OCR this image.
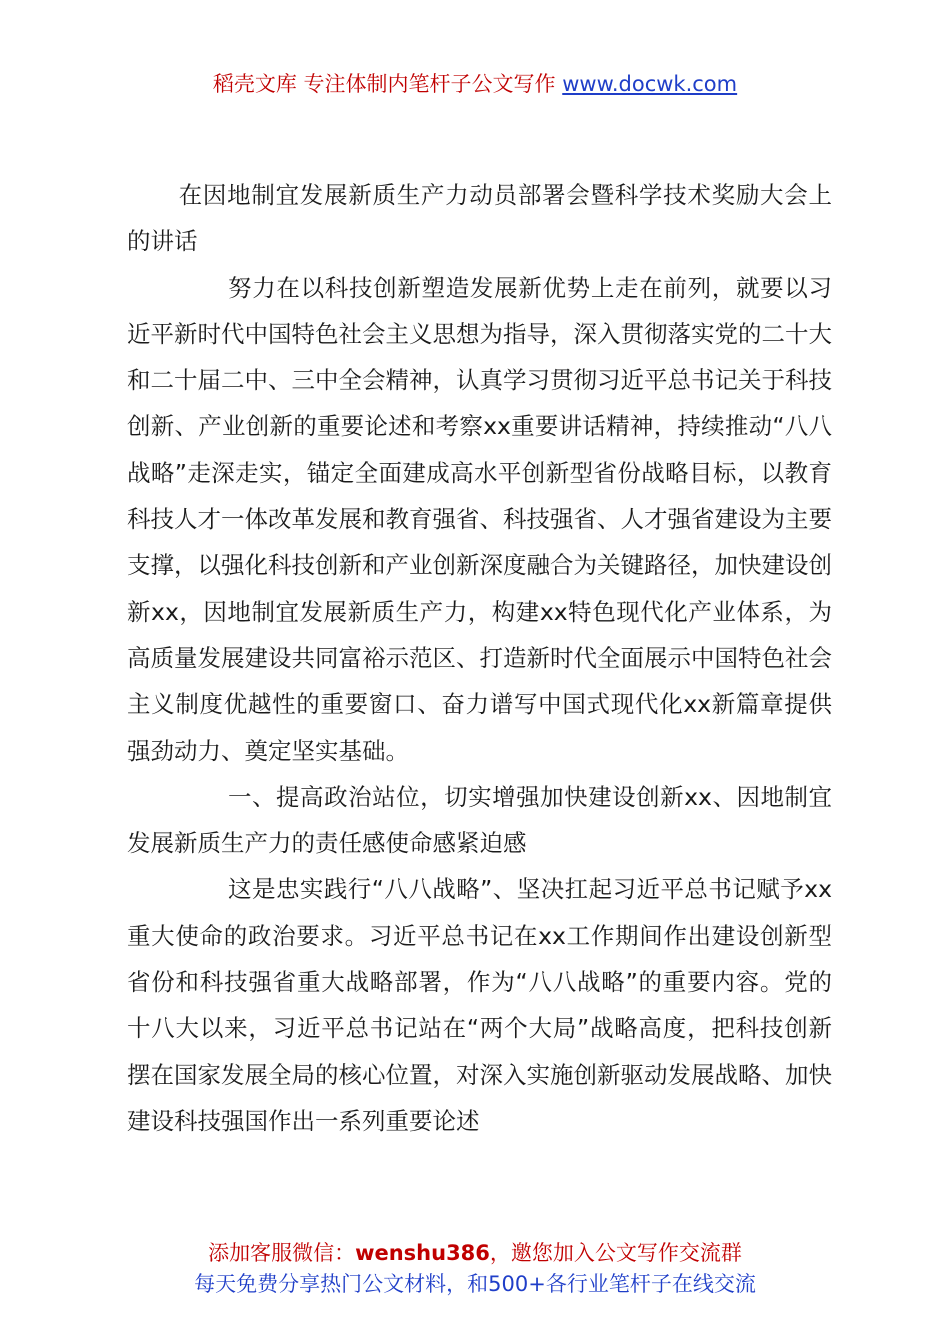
稻壳文库 专注体制内笔杆子公文写作 www.docwk.com

在因地制宜发展新质生产力动员部署会暨科学技术奖励大会上的讲话

努力在以科技创新塑造发展新优势上走在前列，就要以习近平新时代中国特色社会主义思想为指导，深入贯彻落实党的二十大和二十届二中、三中全会精神，认真学习贯彻习近平总书记关于科技创新、产业创新的重要论述和考察xx重要讲话精神，持续推动“八八战略”走深走实，锚定全面建成高水平创新型省份战略目标，以教育科技人才一体改革发展和教育强省、科技强省、人才强省建设为主要支撑，以强化科技创新和产业创新深度融合为关键路径，加快建设创新xx，因地制宜发展新质生产力，构建xx特色现代化产业体系，为高质量发展建设共同富裕示范区、打造新时代全面展示中国特色社会主义制度优越性的重要窗口、奋力谱写中国式现代化xx新篇章提供强劲动力、奠定坚实基础。

一、提高政治站位，切实增强加快建设创新xx、因地制宜发展新质生产力的责任感使命感紧迫感

这是忠实践行“八八战略”、坚决扛起习近平总书记赋予xx重大使命的政治要求。习近平总书记在xx工作期间作出建设创新型省份和科技强省重大战略部署，作为“八八战略”的重要内容。党的十八大以来，习近平总书记站在“两个大局”战略高度，把科技创新摆在国家发展全局的核心位置，对深入实施创新驱动发展战略、加快建设科技强国作出一系列重要论述

添加客服微信：wenshu386，邀您加入公文写作交流群
每天免费分享热门公文材料，和500+各行业笔杆子在线交流
